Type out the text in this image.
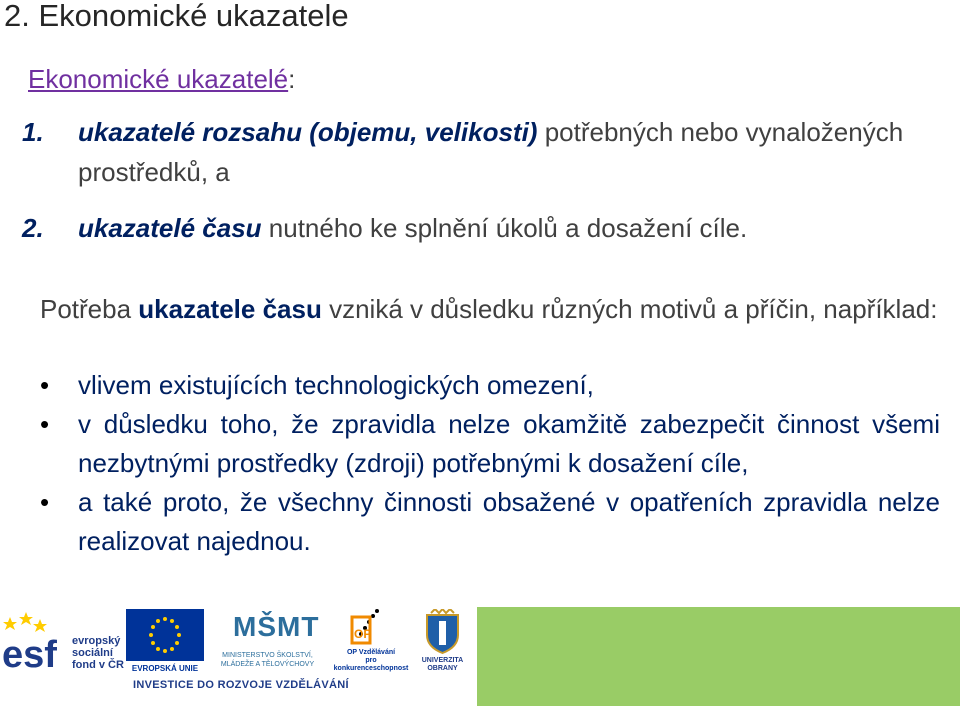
2. Ekonomické ukazatele
Ekonomické ukazatelé:
1. ukazatelé rozsahu (objemu, velikosti) potřebných nebo vynaložených prostředků, a
2. ukazatelé času nutného ke splnění úkolů a dosažení cíle.
Potřeba ukazatele času vzniká v důsledku různých motivů a příčin, například:
• vlivem existujících technologických omezení,
• v důsledku toho, že zpravidla nelze okamžitě zabezpečit činnost všemi nezbytnými prostředky (zdroji) potřebnými k dosažení cíle,
• a také proto, že všechny činnosti obsažené v opatřeních zpravidla nelze realizovat najednou.
esf evropský
sociální
fond v ČR EVROPSKÁ UNIE
MŠMT
MINISTERSTVO ŠKOLSTVÍ,
MLÁDEŽE A TĚLOVÝCHOVY
OP
OP Vzdělávání
pro konkurenceschopnost
UNIVERZITA
OBRANY
INVESTICE DO ROZVOJE VZDĚLÁVÁNÍ
